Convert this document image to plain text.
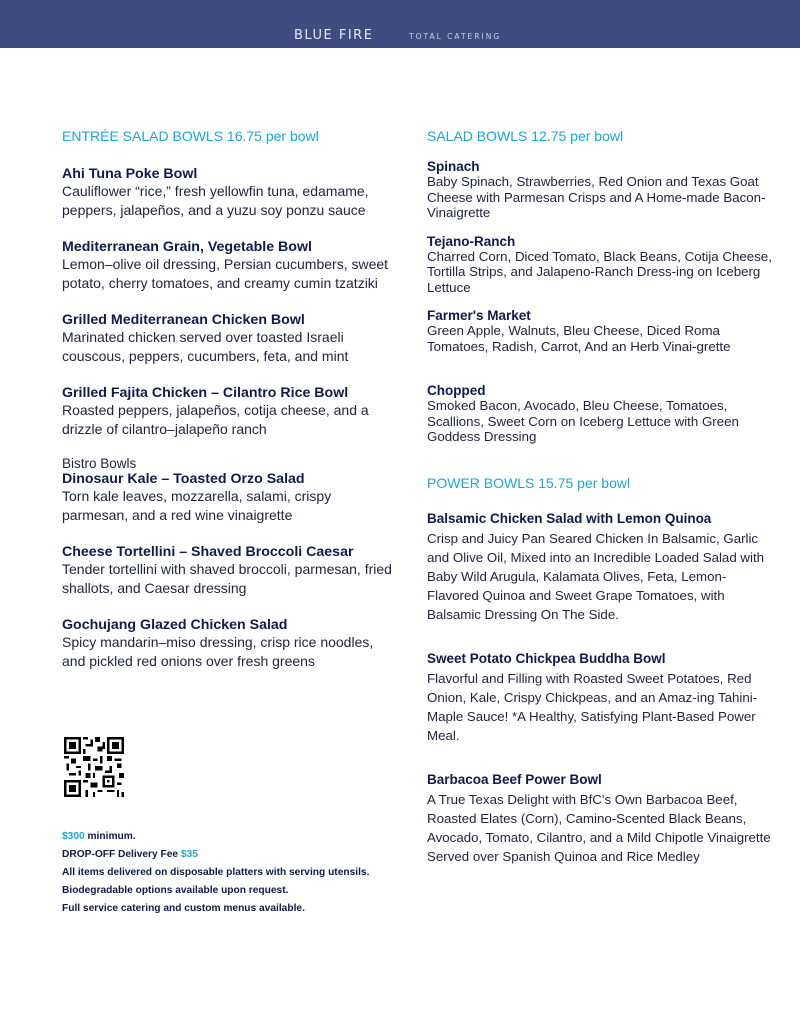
BLUE FIRE	TOTAL CATERING

ENTRÉE SALAD BOWLS 16.75 per bowl

Ahi Tuna Poke Bowl

Cauliflower “rice,” fresh yellowfin tuna, edamame, peppers, jalapeños, and a yuzu soy ponzu sauce

Mediterranean Grain, Vegetable Bowl

Lemon–olive oil dressing, Persian cucumbers, sweet potato, cherry tomatoes, and creamy cumin tzatziki

Grilled Mediterranean Chicken Bowl

Marinated chicken served over toasted Israeli couscous, peppers, cucumbers, feta, and mint

Grilled Fajita Chicken – Cilantro Rice Bowl

Roasted peppers, jalapeños, cotija cheese, and a drizzle of cilantro–jalapeño ranch

Bistro Bowls

Dinosaur Kale – Toasted Orzo Salad

Torn kale leaves, mozzarella, salami, crispy parmesan, and a red wine vinaigrette

Cheese Tortellini – Shaved Broccoli Caesar

Tender tortellini with shaved broccoli, parmesan, fried shallots, and Caesar dressing

Gochujang Glazed Chicken Salad

Spicy mandarin–miso dressing, crisp rice noodles, and pickled red onions over fresh greens

$300 minimum.
DROP-OFF Delivery Fee $35
All items delivered on disposable platters with serving utensils.
Biodegradable options available upon request.
Full service catering and custom menus available.

SALAD BOWLS 12.75 per bowl

Spinach

Baby Spinach, Strawberries, Red Onion and Texas Goat Cheese with Parmesan Crisps and A Home-made Bacon- Vinaigrette

Tejano-Ranch

Charred Corn, Diced Tomato, Black Beans, Cotija Cheese, Tortilla Strips, and Jalapeno-Ranch Dress-ing on Iceberg Lettuce

Farmer's Market

Green Apple, Walnuts, Bleu Cheese, Diced Roma Tomatoes, Radish, Carrot, And an Herb Vinai-grette

Chopped

Smoked Bacon, Avocado, Bleu Cheese, Tomatoes, Scallions, Sweet Corn on Iceberg Lettuce with Green Goddess Dressing

POWER BOWLS 15.75 per bowl

Balsamic Chicken Salad with Lemon Quinoa

Crisp and Juicy Pan Seared Chicken In Balsamic, Garlic and Olive Oil, Mixed into an Incredible Loaded Salad with Baby Wild Arugula, Kalamata Olives, Feta, Lemon-Flavored Quinoa and Sweet Grape Tomatoes, with Balsamic Dressing On The Side.

Sweet Potato Chickpea Buddha Bowl

Flavorful and Filling with Roasted Sweet Potatoes, Red Onion, Kale, Crispy Chickpeas, and an Amaz-ing Tahini- Maple Sauce! *A Healthy, Satisfying Plant-Based Power Meal.

Barbacoa Beef Power Bowl

A True Texas Delight with BfC's Own Barbacoa Beef, Roasted Elates (Corn), Camino-Scented Black Beans, Avocado, Tomato, Cilantro, and a Mild Chipotle Vinaigrette Served over Spanish Quinoa and Rice Medley
